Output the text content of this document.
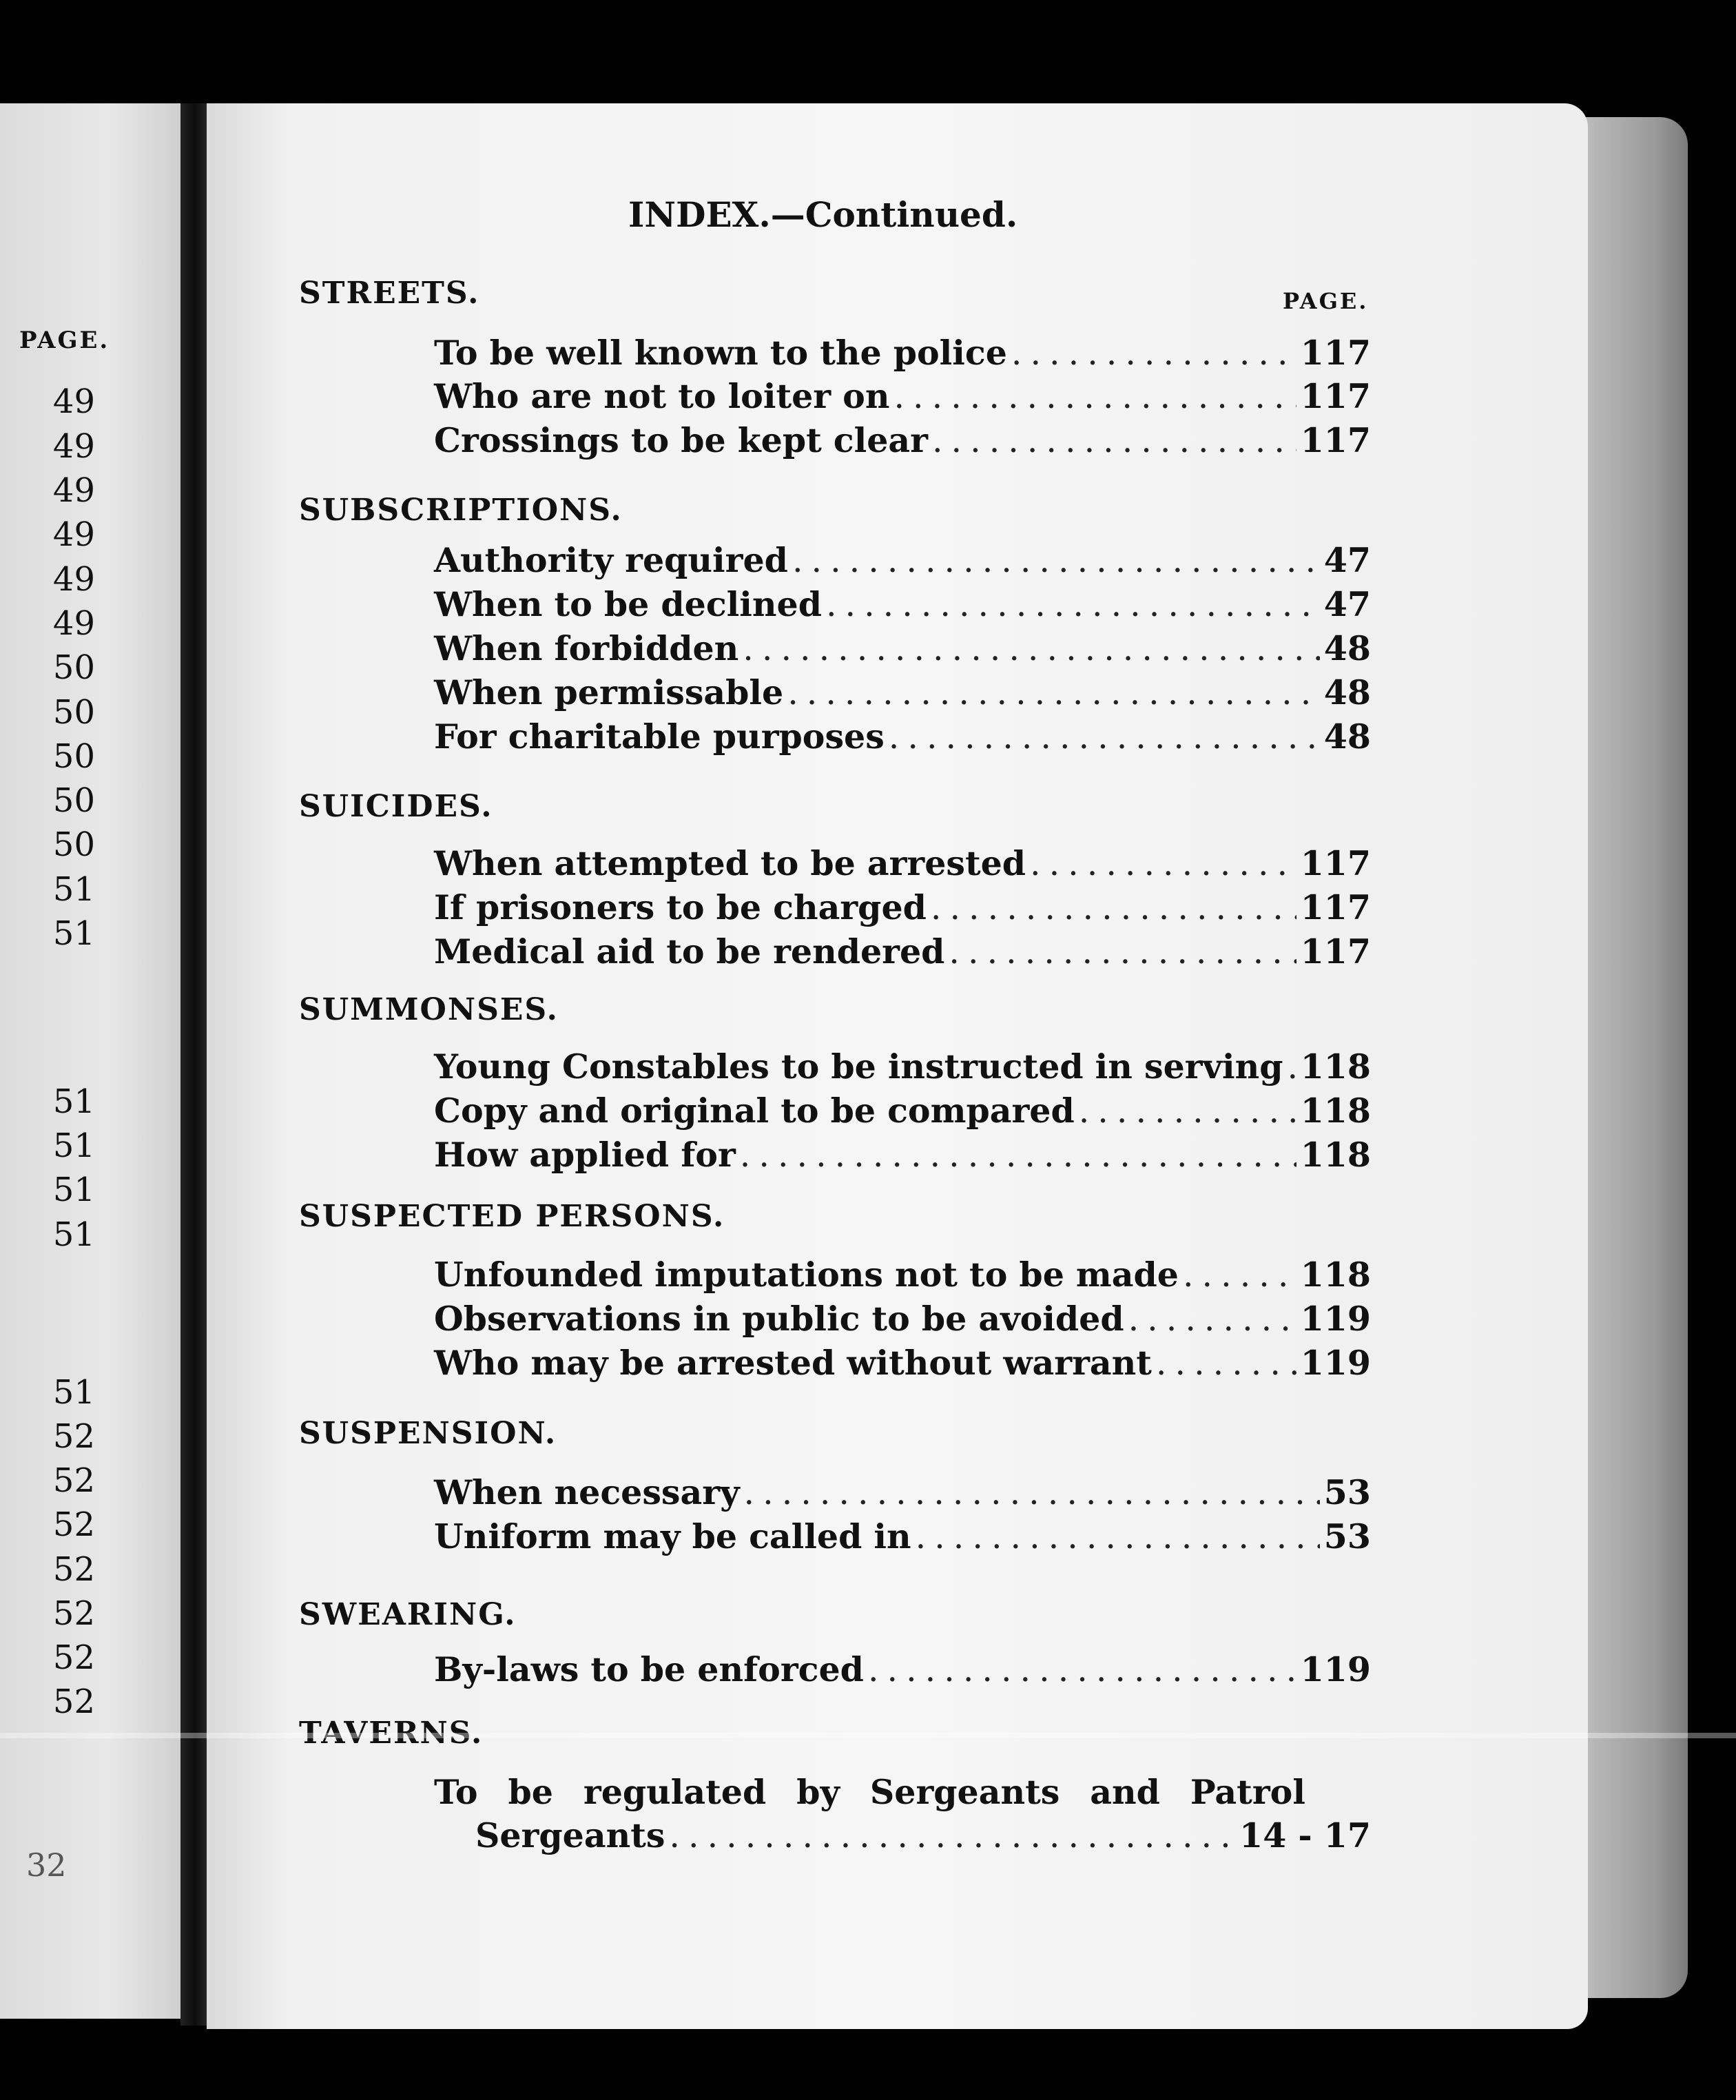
PAGE.
49
49
49
49
49
49
50
50
50
50
50
51
51
51
51
51
51
51
52
52
52
52
52
52
52
32
INDEX.—Continued.
PAGE.
STREETS.
To be well known to the police .....	117
Who are not to loiter on .....	117
Crossings to be kept clear .....	117
SUBSCRIPTIONS.
Authority required .....	47
When to be declined .....	47
When forbidden .....	48
When permissable .....	48
For charitable purposes .....	48
SUICIDES.
When attempted to be arrested .....	117
If prisoners to be charged .....	117
Medical aid to be rendered .....	117
SUMMONSES.
Young Constables to be instructed in serving ..... 118
Copy and original to be compared .....	118
How applied for .....	118
SUSPECTED PERSONS.
Unfounded imputations not to be made .....	118
Observations in public to be avoided .....	119
Who may be arrested without warrant .....	119
SUSPENSION.
When necessary .....	53
Uniform may be called in .....	53
SWEARING.
By-laws to be enforced .....	119
TAVERNS.
To be regulated by Sergeants and Patrol
Sergeants .....	14 - 17
